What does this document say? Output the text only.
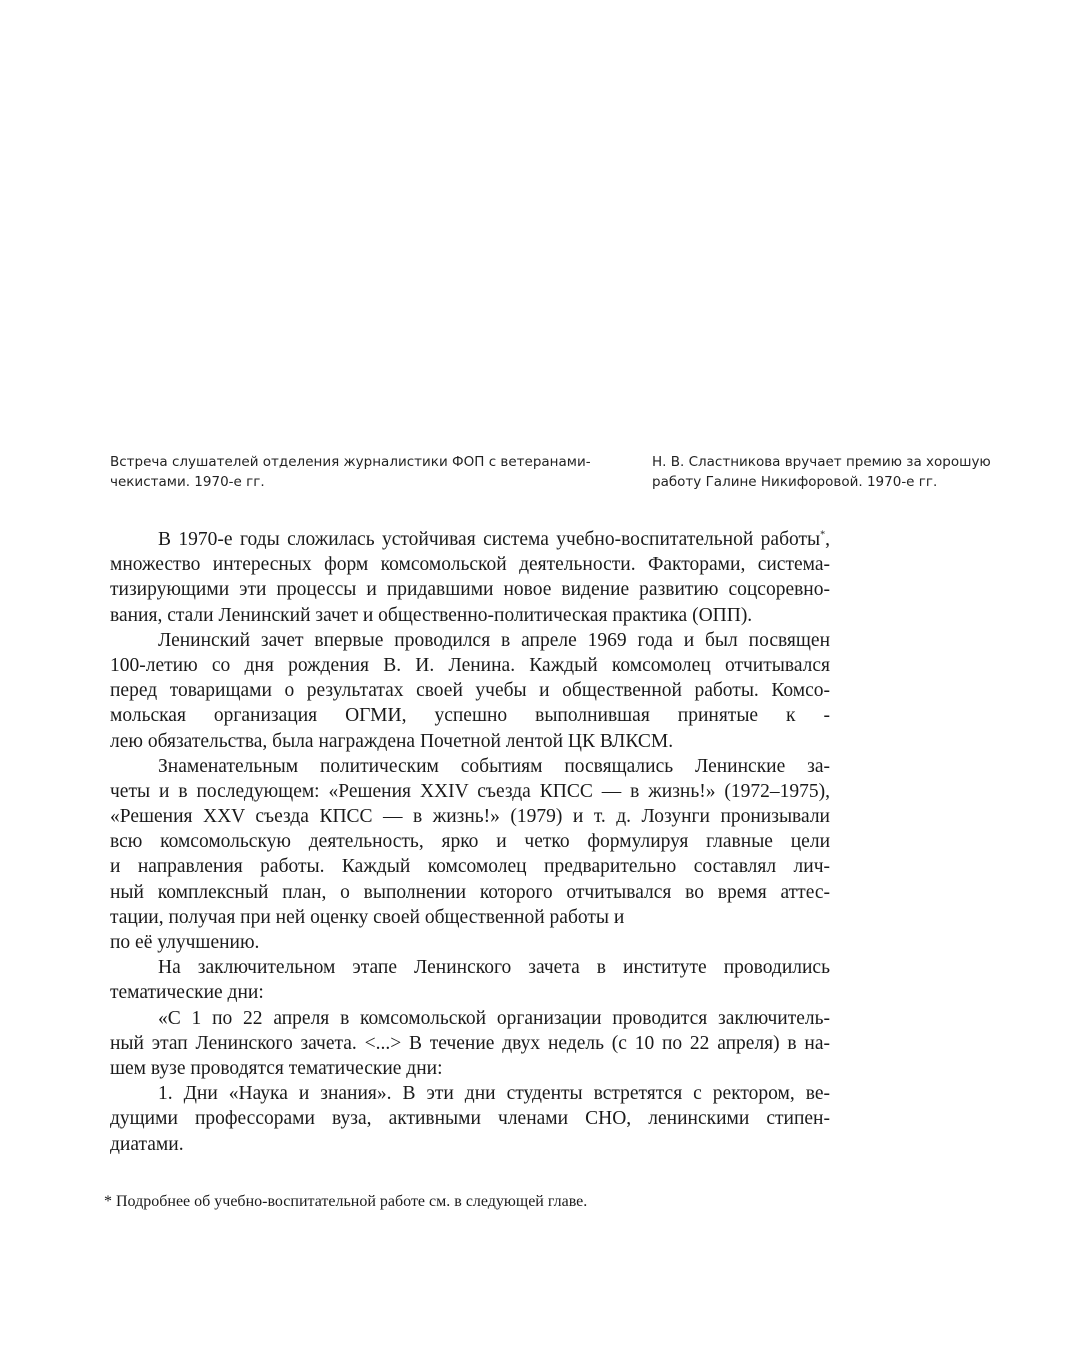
Встреча слушателей отделения журналистики ФОП с ветеранами-

чекистами. 1970-е гг.

Н. В. Сластникова вручает премию за хорошую

работу Галине Никифоровой. 1970-е гг.

В 1970-е годы сложилась устойчивая система учебно-воспитательной работы*,
множество интересных форм комсомольской деятельности. Факторами, система-
тизирующими эти процессы и придавшими новое видение развитию соцсоревно-
вания, стали Ленинский зачет и общественно-политическая практика (ОПП).
Ленинский зачет впервые проводился в апреле 1969 года и был посвящен
100-летию со дня рождения В. И. Ленина. Каждый комсомолец отчитывался
перед товарищами о результатах своей учебы и общественной работы. Комсо-
мольская организация ОГМИ, успешно выполнившая принятые к -
лею обязательства, была награждена Почетной лентой ЦК ВЛКСМ.
Знаменательным политическим событиям посвящались Ленинские за-
четы и в последующем: «Решения XXIV съезда КПСС — в жизнь!» (1972–1975),
«Решения XXV съезда КПСС — в жизнь!» (1979) и т. д. Лозунги пронизывали
всю комсомольскую деятельность, ярко и четко формулируя главные цели
и направления работы. Каждый комсомолец предварительно составлял лич-
ный комплексный план, о выполнении которого отчитывался во время аттес-
тации, получая при ней оценку своей общественной работы и
по её улучшению.
На заключительном этапе Ленинского зачета в институте проводились
тематические дни:
«С 1 по 22 апреля в комсомольской организации проводится заключитель-
ный этап Ленинского зачета. <...> В течение двух недель (с 10 по 22 апреля) в на-
шем вузе проводятся тематические дни:
1. Дни «Наука и знания». В эти дни студенты встретятся с ректором, ве-
дущими профессорами вуза, активными членами СНО, ленинскими стипен-
диатами.
* Подробнее об учебно-воспитательной работе см. в следующей главе.
